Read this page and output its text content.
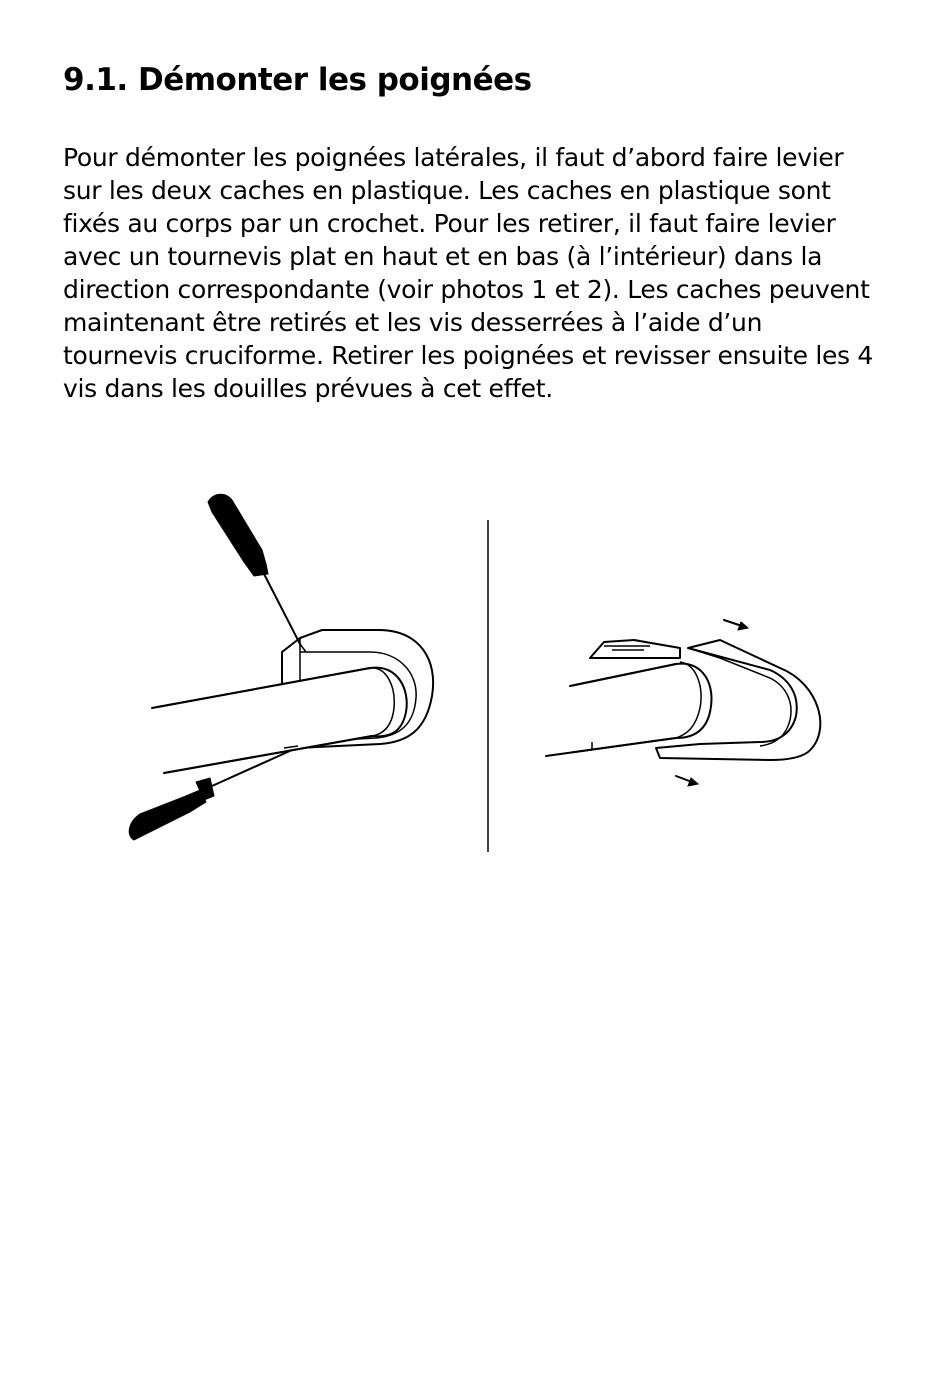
9.1. Démonter les poignées

Pour démonter les poignées latérales, il faut d’abord faire levier sur les deux caches en plastique. Les caches en plastique sont fixés au corps par un crochet. Pour les retirer, il faut faire levier avec un tournevis plat en haut et en bas (à l’intérieur) dans la direction correspondante (voir photos 1 et 2). Les caches peuvent maintenant être retirés et les vis desserrées à l’aide d’un tournevis cruciforme. Retirer les poignées et revisser ensuite les 4 vis dans les douilles prévues à cet effet.
